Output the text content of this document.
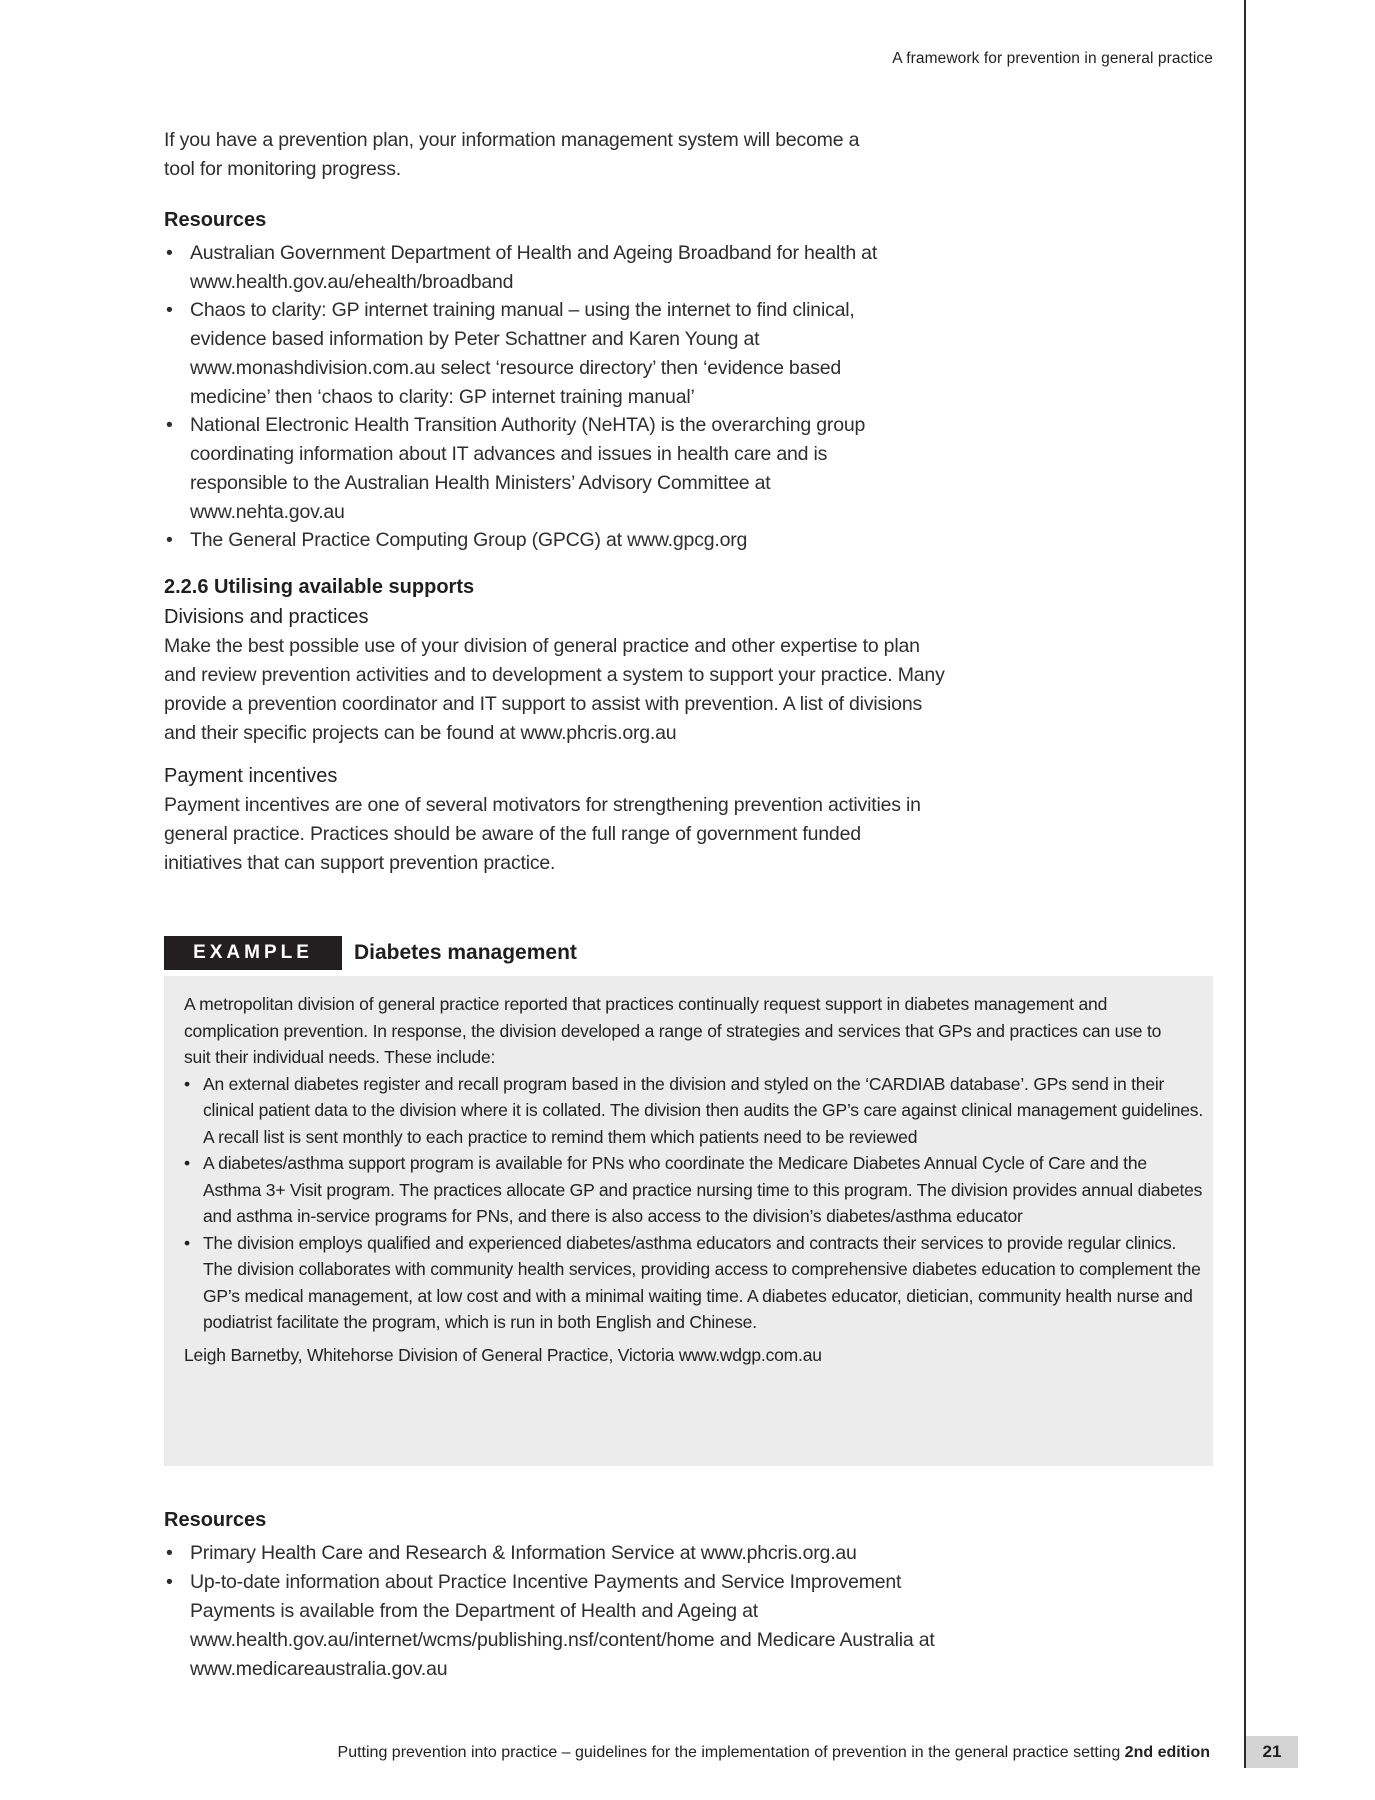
A framework for prevention in general practice

If you have a prevention plan, your information management system will become a tool for monitoring progress.

Resources

• Australian Government Department of Health and Ageing Broadband for health at www.health.gov.au/ehealth/broadband
• Chaos to clarity: GP internet training manual – using the internet to find clinical, evidence based information by Peter Schattner and Karen Young at www.monashdivision.com.au select ‘resource directory’ then ‘evidence based medicine’ then ‘chaos to clarity: GP internet training manual’
• National Electronic Health Transition Authority (NeHTA) is the overarching group coordinating information about IT advances and issues in health care and is responsible to the Australian Health Ministers’ Advisory Committee at www.nehta.gov.au
• The General Practice Computing Group (GPCG) at www.gpcg.org

2.2.6 Utilising available supports

Divisions and practices

Make the best possible use of your division of general practice and other expertise to plan and review prevention activities and to development a system to support your practice. Many provide a prevention coordinator and IT support to assist with prevention. A list of divisions and their specific projects can be found at www.phcris.org.au

Payment incentives

Payment incentives are one of several motivators for strengthening prevention activities in general practice. Practices should be aware of the full range of government funded initiatives that can support prevention practice.

EXAMPLE	Diabetes management

A metropolitan division of general practice reported that practices continually request support in diabetes management and complication prevention. In response, the division developed a range of strategies and services that GPs and practices can use to suit their individual needs. These include:

• An external diabetes register and recall program based in the division and styled on the ‘CARDIAB database’. GPs send in their clinical patient data to the division where it is collated. The division then audits the GP’s care against clinical management guidelines. A recall list is sent monthly to each practice to remind them which patients need to be reviewed
• A diabetes/asthma support program is available for PNs who coordinate the Medicare Diabetes Annual Cycle of Care and the Asthma 3+ Visit program. The practices allocate GP and practice nursing time to this program. The division provides annual diabetes and asthma in-service programs for PNs, and there is also access to the division’s diabetes/asthma educator
• The division employs qualified and experienced diabetes/asthma educators and contracts their services to provide regular clinics. The division collaborates with community health services, providing access to comprehensive diabetes education to complement the GP’s medical management, at low cost and with a minimal waiting time. A diabetes educator, dietician, community health nurse and podiatrist facilitate the program, which is run in both English and Chinese.

Leigh Barnetby, Whitehorse Division of General Practice, Victoria www.wdgp.com.au

Resources

• Primary Health Care and Research & Information Service at www.phcris.org.au
• Up-to-date information about Practice Incentive Payments and Service Improvement Payments is available from the Department of Health and Ageing at www.health.gov.au/internet/wcms/publishing.nsf/content/home and Medicare Australia at www.medicareaustralia.gov.au
Putting prevention into practice – guidelines for the implementation of prevention in the general practice setting 2nd edition	21
